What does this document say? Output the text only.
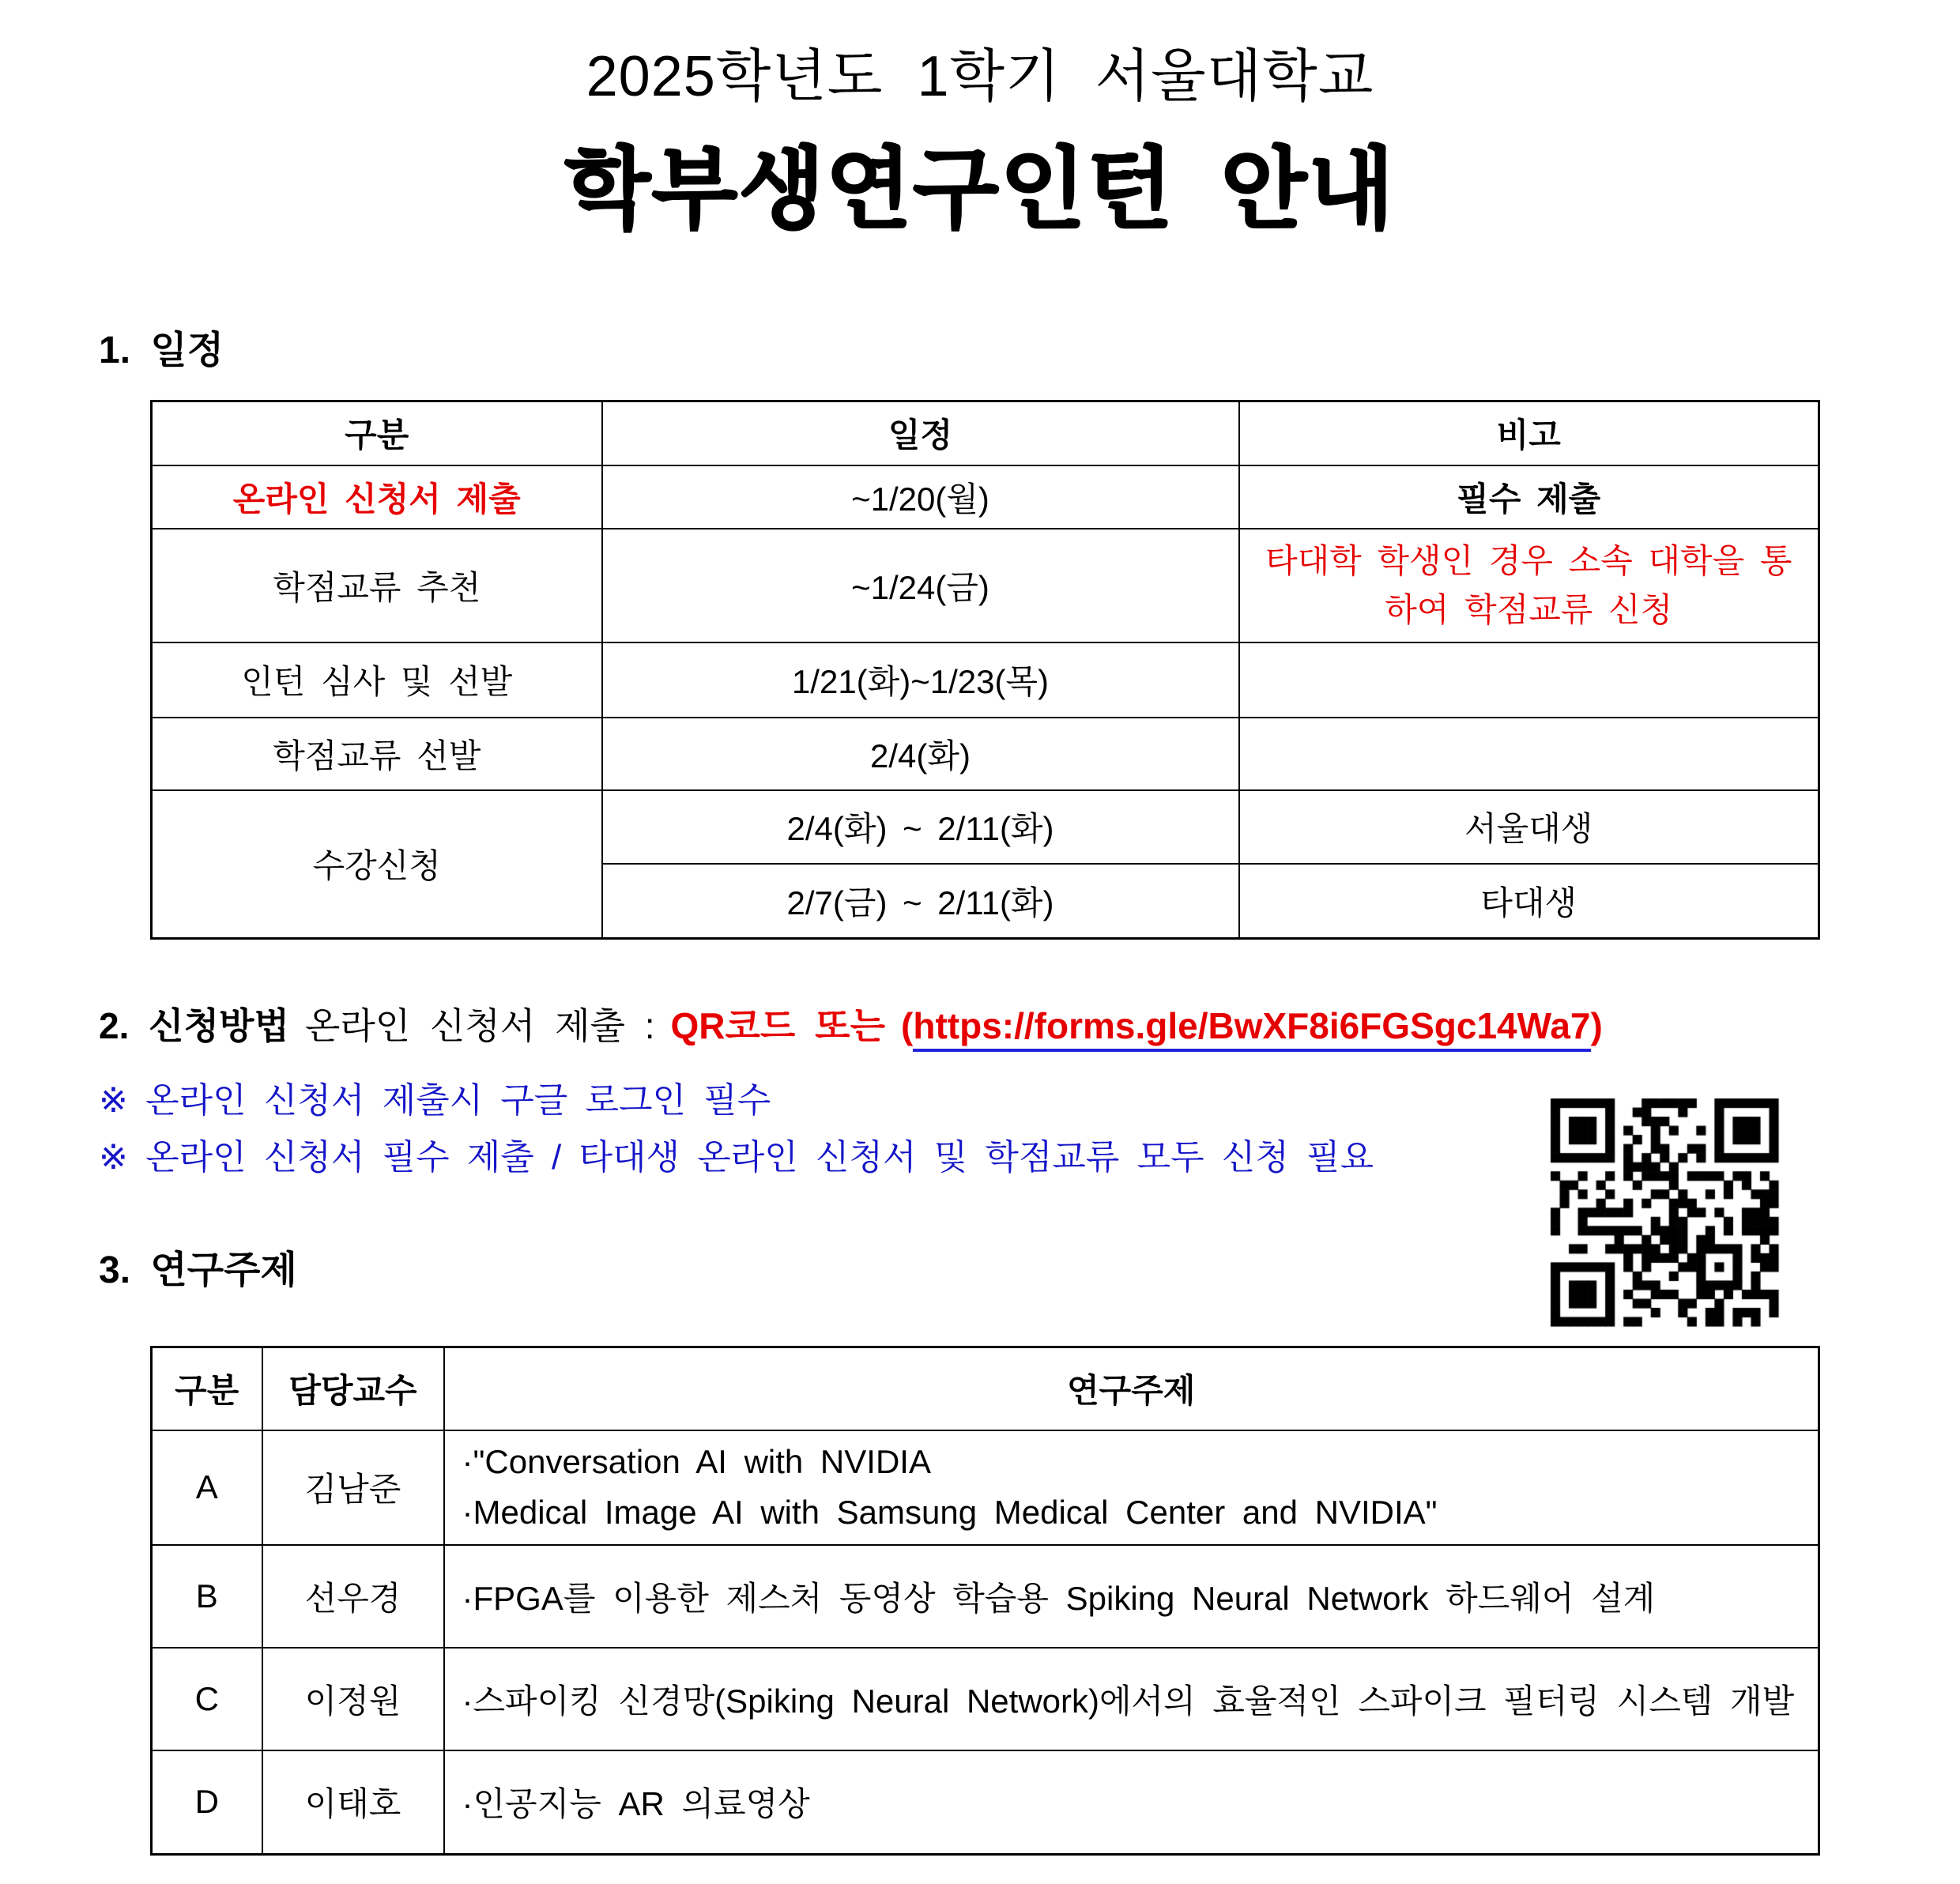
2025학년도 1학기 서울대학교
학부생연구인턴 안내
1. 일정
구분	일정	비고
온라인 신청서 제출	~1/20(월)	필수 제출
학점교류 추천	~1/24(금)	타대학 학생인 경우 소속 대학을 통하여 학점교류 신청
인턴 심사 및 선발	1/21(화)~1/23(목)	
학점교류 선발	2/4(화)	
수강신청	2/4(화) ~ 2/11(화)	서울대생
	2/7(금) ~ 2/11(화)	타대생
2. 신청방법 온라인 신청서 제출 : QR코드 또는 (https://forms.gle/BwXF8i6FGSgc14Wa7)
※ 온라인 신청서 제출시 구글 로그인 필수
※ 온라인 신청서 필수 제출 / 타대생 온라인 신청서 및 학점교류 모두 신청 필요
3. 연구주제
구분	담당교수	연구주제
A	김남준	·"Conversation AI with NVIDIA
·Medical Image AI with Samsung Medical Center and NVIDIA"

B	선우경	·FPGA를 이용한 제스처 동영상 학습용 Spiking Neural Network 하드웨어 설계
C	이정원	·스파이킹 신경망(Spiking Neural Network)에서의 효율적인 스파이크 필터링 시스템 개발
D	이태호	·인공지능 AR 의료영상
